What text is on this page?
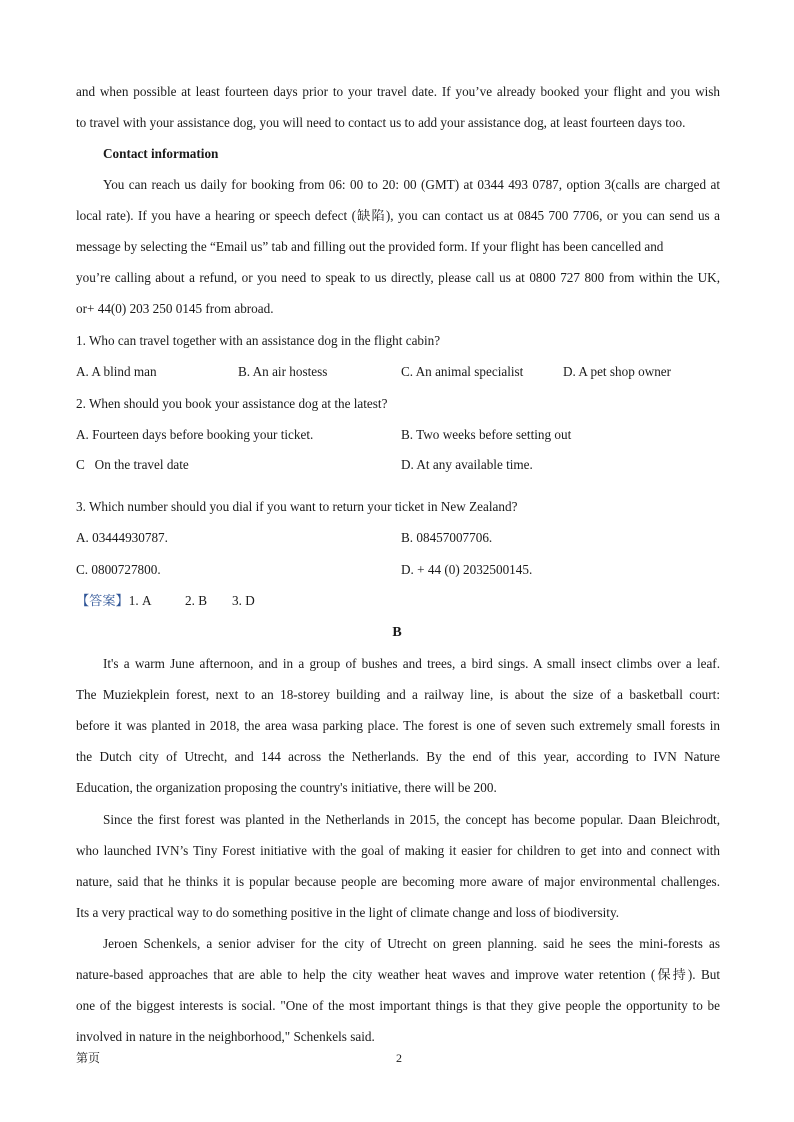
and when possible at least fourteen days prior to your travel date. If you’ve already booked your flight and you wish
to travel with your assistance dog, you will need to contact us to add your assistance dog, at least fourteen days too.
Contact information
You can reach us daily for booking from 06: 00 to 20: 00 (GMT) at 0344 493 0787, option 3(calls are charged at
local rate). If you have a hearing or speech defect (缺陷), you can contact us at 0845 700 7706, or you can send us a
message by selecting the “Email us” tab and filling out the provided form. If your flight has been cancelled and
you’re calling about a refund, or you need to speak to us directly, please call us at 0800 727 800 from within the UK,
or+ 44(0) 203 250 0145 from abroad.
1. Who can travel together with an assistance dog in the flight cabin?
A. A blind man	B. An air hostess	C. An animal specialist	D. A pet shop owner
2. When should you book your assistance dog at the latest?
A. Fourteen days before booking your ticket.	B. Two weeks before setting out
C   On the travel date	D. At any available time.
3. Which number should you dial if you want to return your ticket in New Zealand?
A. 03444930787.	B. 08457007706.
C. 0800727800.	D. + 44 (0) 2032500145.
【答案】1. A	2. B 3. D
B
It's a warm June afternoon, and in a group of bushes and trees, a bird sings. A small insect climbs over a leaf.
The Muziekplein forest, next to an 18-storey building and a railway line, is about the size of a basketball court:
before it was planted in 2018, the area wasa parking place. The forest is one of seven such extremely small forests in
the Dutch city of Utrecht, and 144 across the Netherlands. By the end of this year, according to IVN Nature
Education, the organization proposing the country's initiative, there will be 200.
Since the first forest was planted in the Netherlands in 2015, the concept has become popular. Daan Bleichrodt,
who launched IVN’s Tiny Forest initiative with the goal of making it easier for children to get into and connect with
nature, said that he thinks it is popular because people are becoming more aware of major environmental challenges.
Its a very practical way to do something positive in the light of climate change and loss of biodiversity.
Jeroen Schenkels, a senior adviser for the city of Utrecht on green planning. said he sees the mini-forests as
nature-based approaches that are able to help the city weather heat waves and improve water retention (保持). But
one of the biggest interests is social. "One of the most important things is that they give people the opportunity to be
involved in nature in the neighborhood," Schenkels said.
第页	2
